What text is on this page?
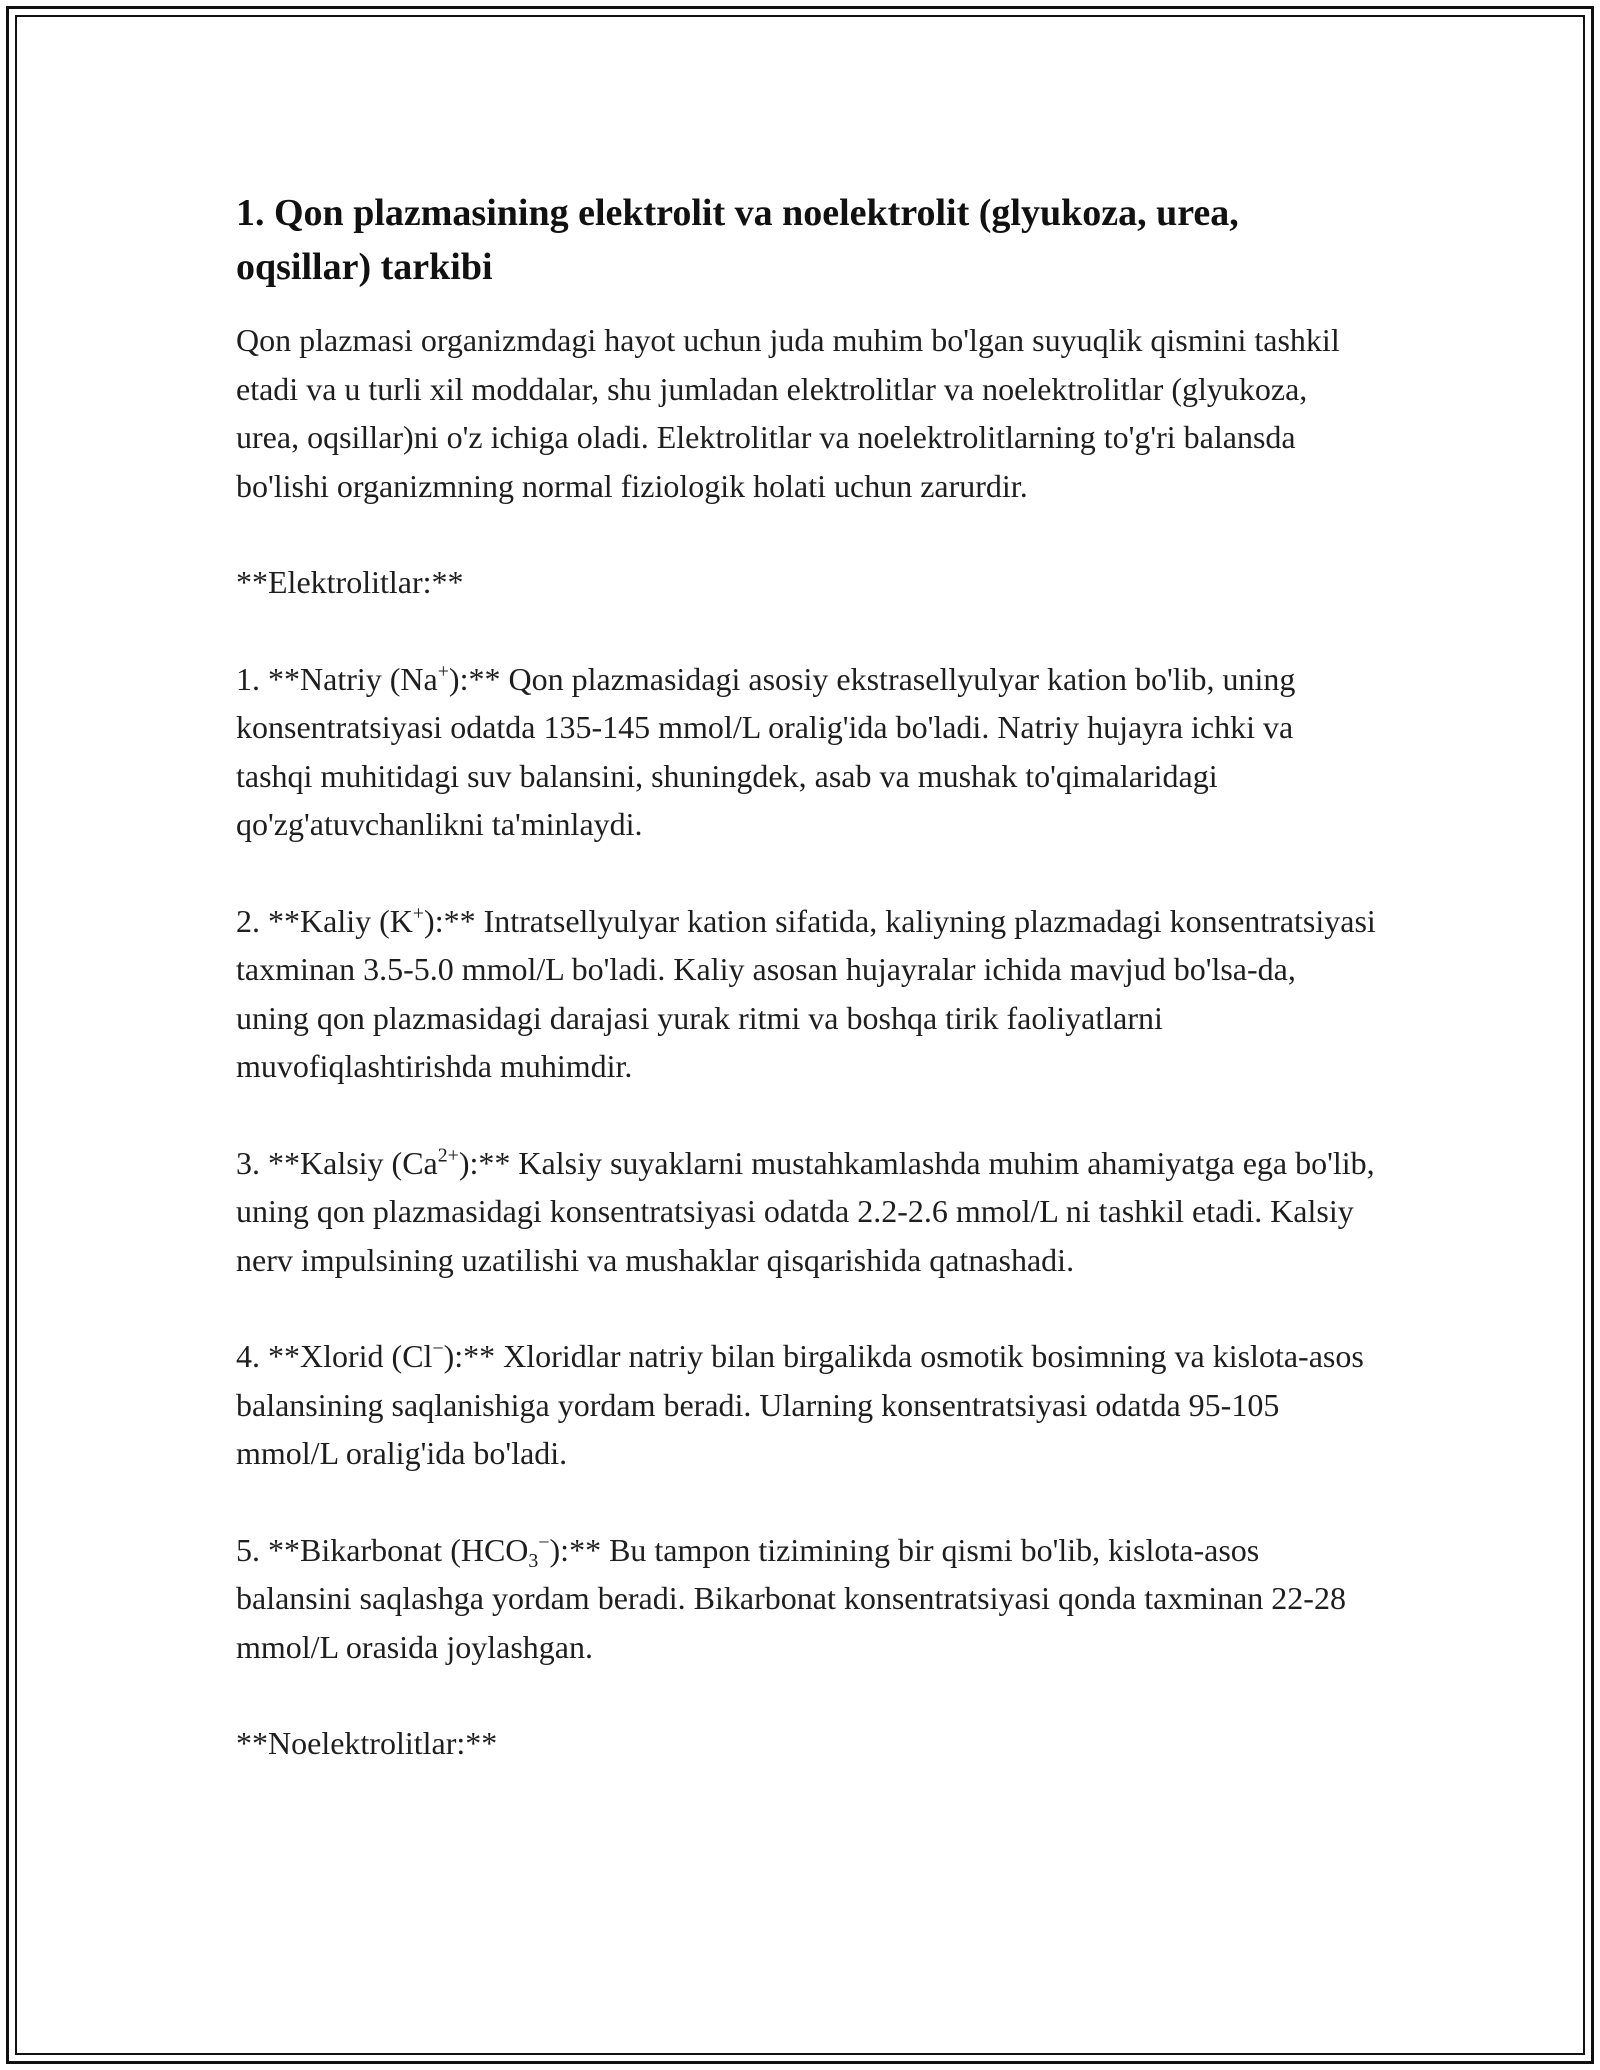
1. Qon plazmasining elektrolit va noelektrolit (glyukoza, urea, oqsillar) tarkibi

Qon plazmasi organizmdagi hayot uchun juda muhim bo'lgan suyuqlik qismini tashkil etadi va u turli xil moddalar, shu jumladan elektrolitlar va noelektrolitlar (glyukoza, urea, oqsillar)ni o'z ichiga oladi. Elektrolitlar va noelektrolitlarning to'g'ri balansda bo'lishi organizmning normal fiziologik holati uchun zarurdir.

**Elektrolitlar:**

1. **Natriy (Na+):** Qon plazmasidagi asosiy ekstrasellyulyar kation bo'lib, uning konsentratsiyasi odatda 135-145 mmol/L oralig'ida bo'ladi. Natriy hujayra ichki va tashqi muhitidagi suv balansini, shuningdek, asab va mushak to'qimalaridagi qo'zg'atuvchanlikni ta'minlaydi.

2. **Kaliy (K+):** Intratsellyulyar kation sifatida, kaliyning plazmadagi konsentratsiyasi taxminan 3.5-5.0 mmol/L bo'ladi. Kaliy asosan hujayralar ichida mavjud bo'lsa-da, uning qon plazmasidagi darajasi yurak ritmi va boshqa tirik faoliyatlarni muvofiqlashtirishda muhimdir.

3. **Kalsiy $(Ca^{2+}):**$ Kalsiy suyaklarni mustahkamlashda muhim ahamiyatga ega bo'lib, uning qon plazmasidagi konsentratsiyasi odatda 2.2-2.6 mmol/L ni tashkil etadi. Kalsiy nerv impulsining uzatilishi va mushaklar qisqarishida qatnashadi.

4. **Xlorid (Cl−):** Xloridlar natriy bilan birgalikda osmotik bosimning va kislota-asos balansining saqlanishiga yordam beradi. Ularning konsentratsiyasi odatda 95-105 mmol/L oralig'ida bo'ladi.

5. **Bikarbonat $(HCO_3^-):**$ Bu tampon tizimining bir qismi bo'lib, kislota-asos balansini saqlashga yordam beradi. Bikarbonat konsentratsiyasi qonda taxminan 22-28 mmol/L orasida joylashgan.

**Noelektrolitlar:**
